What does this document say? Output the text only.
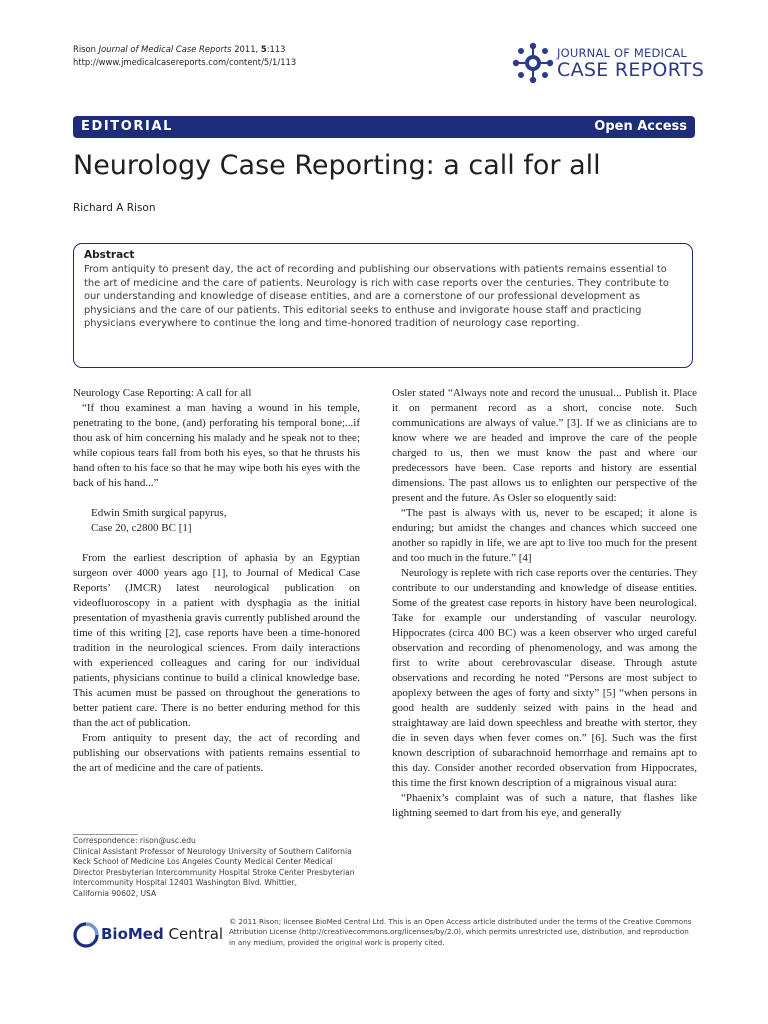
Rison Journal of Medical Case Reports 2011, 5:113
http://www.jmedicalcasereports.com/content/5/1/113
JOURNAL OF MEDICAL
CASE REPORTS
EDITORIAL	Open Access
Neurology Case Reporting: a call for all
Richard A Rison

Abstract

From antiquity to present day, the act of recording and publishing our observations with patients remains essential to the art of medicine and the care of patients. Neurology is rich with case reports over the centuries. They contribute to our understanding and knowledge of disease entities, and are a cornerstone of our professional development as physicians and the care of our patients. This editorial seeks to enthuse and invigorate house staff and practicing physicians everywhere to continue the long and time-honored tradition of neurology case reporting.

Neurology Case Reporting: A call for all

“If thou examinest a man having a wound in his temple, penetrating to the bone, (and) perforating his temporal bone;...if thou ask of him concerning his malady and he speak not to thee; while copious tears fall from both his eyes, so that he thrusts his hand often to his face so that he may wipe both his eyes with the back of his hand...”

Edwin Smith surgical papyrus,

Case 20, c2800 BC [1]

From the earliest description of aphasia by an Egyptian surgeon over 4000 years ago [1], to Journal of Medical Case Reports’ (JMCR) latest neurological publication on videofluoroscopy in a patient with dysphagia as the initial presentation of myasthenia gravis currently published around the time of this writing [2], case reports have been a time-honored tradition in the neurological sciences. From daily interactions with experienced colleagues and caring for our individual patients, physicians continue to build a clinical knowledge base. This acumen must be passed on throughout the generations to better patient care. There is no better enduring method for this than the act of publication.

From antiquity to present day, the act of recording and publishing our observations with patients remains essential to the art of medicine and the care of patients.

Osler stated “Always note and record the unusual... Publish it. Place it on permanent record as a short, concise note. Such communications are always of value.” [3]. If we as clinicians are to know where we are headed and improve the care of the people charged to us, then we must know the past and where our predecessors have been. Case reports and history are essential dimensions. The past allows us to enlighten our perspective of the present and the future. As Osler so eloquently said:

“The past is always with us, never to be escaped; it alone is enduring; but amidst the changes and chances which succeed one another so rapidly in life, we are apt to live too much for the present and too much in the future.” [4]

Neurology is replete with rich case reports over the centuries. They contribute to our understanding and knowledge of disease entities. Some of the greatest case reports in history have been neurological. Take for example our understanding of vascular neurology. Hippocrates (circa 400 BC) was a keen observer who urged careful observation and recording of phenomenology, and was among the first to write about cerebrovascular disease. Through astute observations and recording he noted “Persons are most subject to apoplexy between the ages of forty and sixty” [5] “when persons in good health are suddenly seized with pains in the head and straightaway are laid down speechless and breathe with stertor, they die in seven days when fever comes on.” [6]. Such was the first known description of subarachnoid hemorrhage and remains apt to this day. Consider another recorded observation from Hippocrates, this time the first known description of a migrainous visual aura:

“Phaenix’s complaint was of such a nature, that flashes like lightning seemed to dart from his eye, and generally

Correspondence: rison@usc.edu
Clinical Assistant Professor of Neurology University of Southern California
Keck School of Medicine Los Angeles County Medical Center Medical
Director Presbyterian Intercommunity Hospital Stroke Center Presbyterian
Intercommunity Hospital 12401 Washington Blvd. Whittier,
California 90602, USA
BioMed Central
© 2011 Rison; licensee BioMed Central Ltd. This is an Open Access article distributed under the terms of the Creative Commons Attribution License (http://creativecommons.org/licenses/by/2.0), which permits unrestricted use, distribution, and reproduction in any medium, provided the original work is properly cited.
